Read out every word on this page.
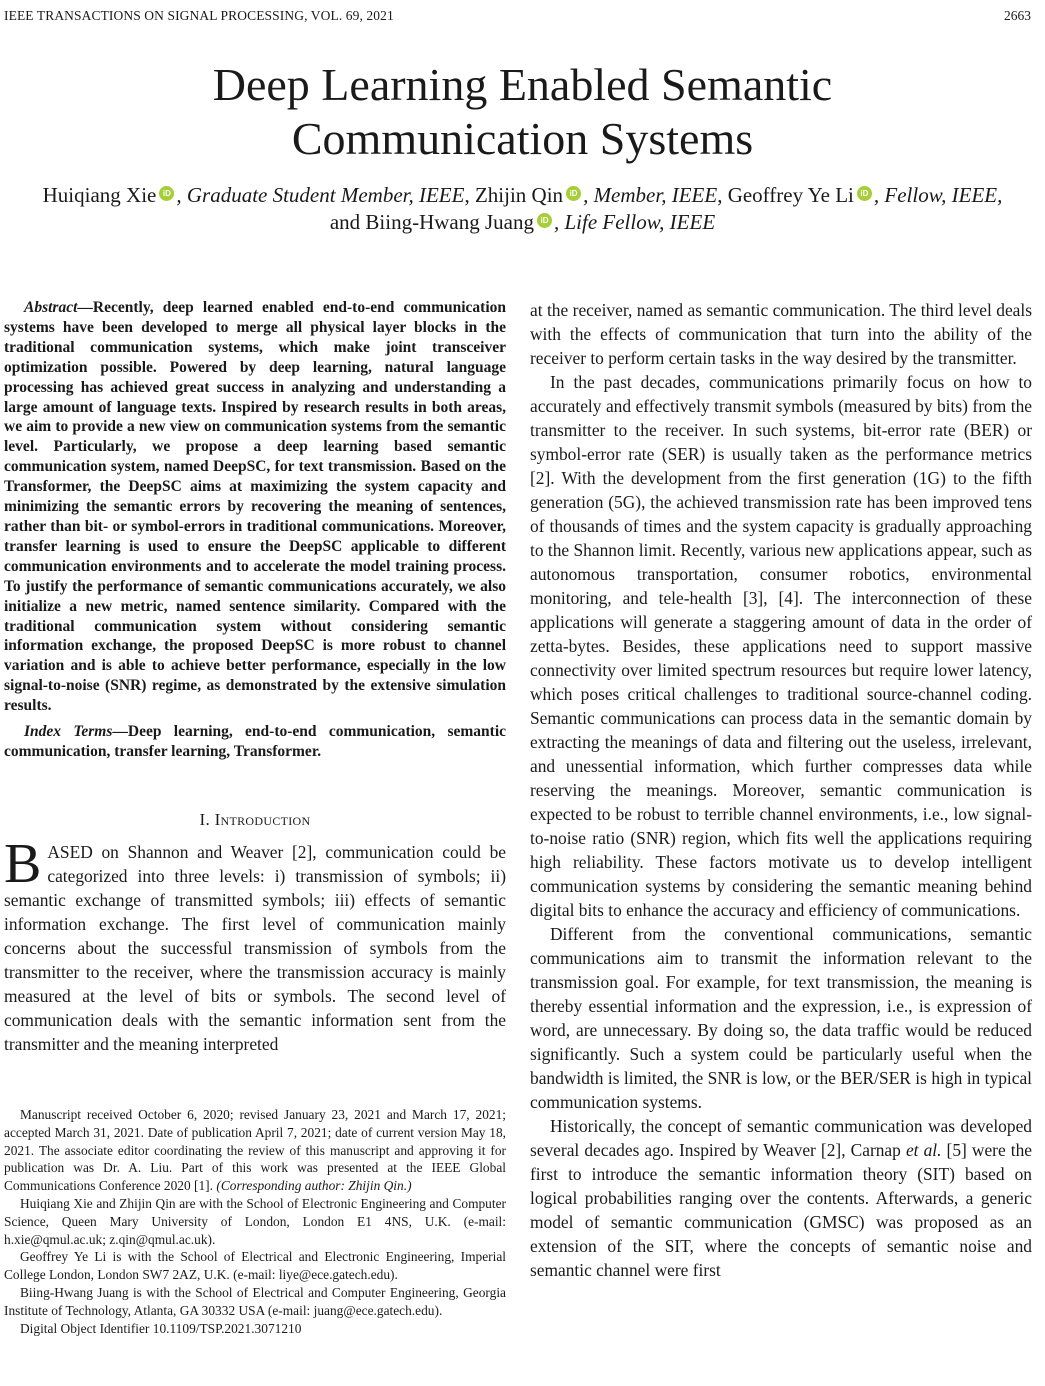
IEEE TRANSACTIONS ON SIGNAL PROCESSING, VOL. 69, 2021	2663
Deep Learning Enabled Semantic
Communication Systems
Huiqiang Xie iD , Graduate Student Member, IEEE, Zhijin Qin iD , Member, IEEE, Geoffrey Ye Li iD , Fellow, IEEE,
and Biing-Hwang Juang iD , Life Fellow, IEEE

Abstract—Recently, deep learned enabled end-to-end communication systems have been developed to merge all physical layer blocks in the traditional communication systems, which make joint transceiver optimization possible. Powered by deep learning, natural language processing has achieved great success in analyzing and understanding a large amount of language texts. Inspired by research results in both areas, we aim to provide a new view on communication systems from the semantic level. Particularly, we propose a deep learning based semantic communication system, named DeepSC, for text transmission. Based on the Transformer, the DeepSC aims at maximizing the system capacity and minimizing the semantic errors by recovering the meaning of sentences, rather than bit- or symbol-errors in traditional communications. Moreover, transfer learning is used to ensure the DeepSC applicable to different communication environments and to accelerate the model training process. To justify the performance of semantic communications accurately, we also initialize a new metric, named sentence similarity. Compared with the traditional communication system without considering semantic information exchange, the proposed DeepSC is more robust to channel variation and is able to achieve better performance, especially in the low signal-to-noise (SNR) regime, as demonstrated by the extensive simulation results.

Index Terms—Deep learning, end-to-end communication, semantic communication, transfer learning, Transformer.

I. Introduction

BASED on Shannon and Weaver [2], communication could be categorized into three levels: i) transmission of symbols; ii) semantic exchange of transmitted symbols; iii) effects of semantic information exchange. The first level of communication mainly concerns about the successful transmission of symbols from the transmitter to the receiver, where the transmission accuracy is mainly measured at the level of bits or symbols. The second level of communication deals with the semantic information sent from the transmitter and the meaning interpreted

Manuscript received October 6, 2020; revised January 23, 2021 and March 17, 2021; accepted March 31, 2021. Date of publication April 7, 2021; date of current version May 18, 2021. The associate editor coordinating the review of this manuscript and approving it for publication was Dr. A. Liu. Part of this work was presented at the IEEE Global Communications Conference 2020 [1]. (Corresponding author: Zhijin Qin.)

Huiqiang Xie and Zhijin Qin are with the School of Electronic Engineering and Computer Science, Queen Mary University of London, London E1 4NS, U.K. (e-mail: h.xie@qmul.ac.uk; z.qin@qmul.ac.uk).

Geoffrey Ye Li is with the School of Electrical and Electronic Engineering, Imperial College London, London SW7 2AZ, U.K. (e-mail: liye@ece.gatech.edu).

Biing-Hwang Juang is with the School of Electrical and Computer Engineering, Georgia Institute of Technology, Atlanta, GA 30332 USA (e-mail: juang@ece.gatech.edu).

Digital Object Identifier 10.1109/TSP.2021.3071210

at the receiver, named as semantic communication. The third level deals with the effects of communication that turn into the ability of the receiver to perform certain tasks in the way desired by the transmitter.

In the past decades, communications primarily focus on how to accurately and effectively transmit symbols (measured by bits) from the transmitter to the receiver. In such systems, bit-error rate (BER) or symbol-error rate (SER) is usually taken as the performance metrics [2]. With the development from the first generation (1G) to the fifth generation (5G), the achieved transmission rate has been improved tens of thousands of times and the system capacity is gradually approaching to the Shannon limit. Recently, various new applications appear, such as autonomous transportation, consumer robotics, environmental monitoring, and tele-health [3], [4]. The interconnection of these applications will generate a staggering amount of data in the order of zetta-bytes. Besides, these applications need to support massive connectivity over limited spectrum resources but require lower latency, which poses critical challenges to traditional source-channel coding. Semantic communications can process data in the semantic domain by extracting the meanings of data and filtering out the useless, irrelevant, and unessential information, which further compresses data while reserving the meanings. Moreover, semantic communication is expected to be robust to terrible channel environments, i.e., low signal-to-noise ratio (SNR) region, which fits well the applications requiring high reliability. These factors motivate us to develop intelligent communication systems by considering the semantic meaning behind digital bits to enhance the accuracy and efficiency of communications.

Different from the conventional communications, semantic communications aim to transmit the information relevant to the transmission goal. For example, for text transmission, the meaning is thereby essential information and the expression, i.e., is expression of word, are unnecessary. By doing so, the data traffic would be reduced significantly. Such a system could be particularly useful when the bandwidth is limited, the SNR is low, or the BER/SER is high in typical communication systems.

Historically, the concept of semantic communication was developed several decades ago. Inspired by Weaver [2], Carnap et al. [5] were the first to introduce the semantic information theory (SIT) based on logical probabilities ranging over the contents. Afterwards, a generic model of semantic communication (GMSC) was proposed as an extension of the SIT, where the concepts of semantic noise and semantic channel were first
